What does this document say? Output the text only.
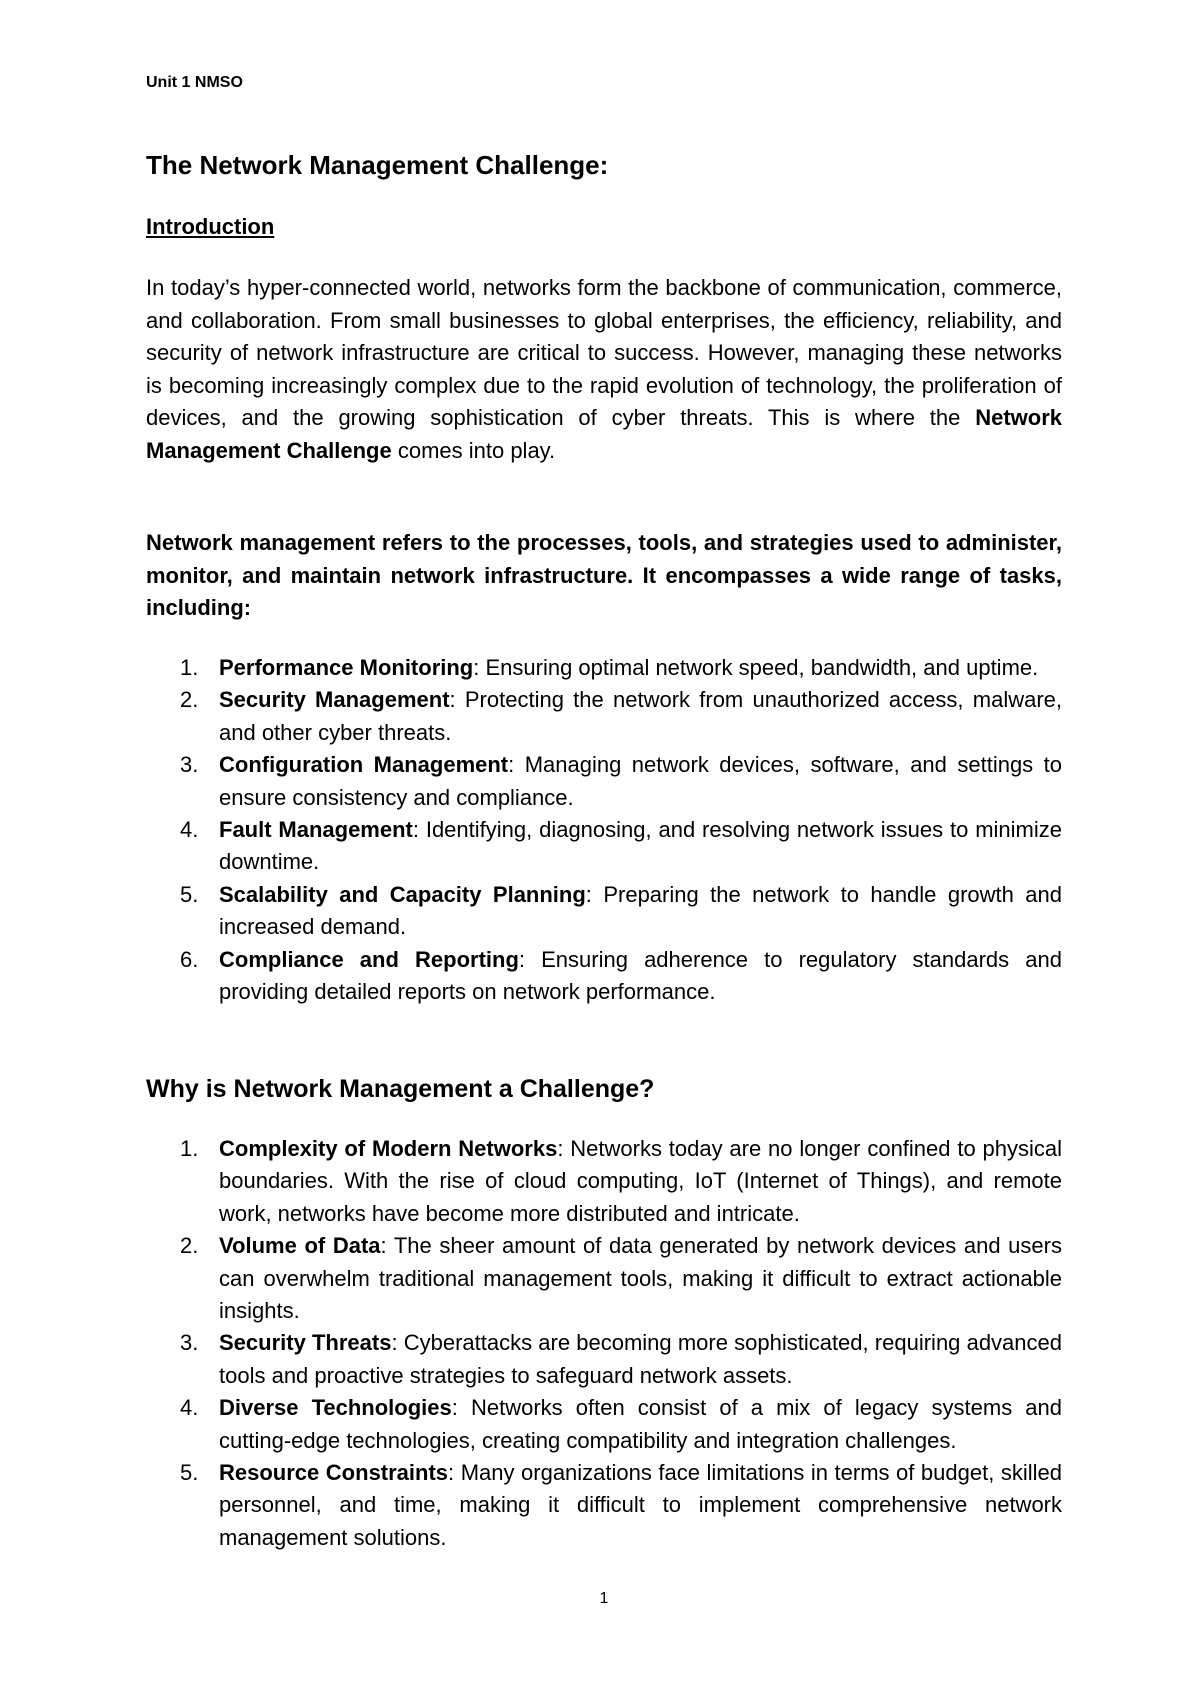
Unit 1 NMSO
The Network Management Challenge:
Introduction

In today’s hyper-connected world, networks form the backbone of communication, commerce, and collaboration. From small businesses to global enterprises, the efficiency, reliability, and security of network infrastructure are critical to success. However, managing these networks is becoming increasingly complex due to the rapid evolution of technology, the proliferation of devices, and the growing sophistication of cyber threats. This is where the Network Management Challenge comes into play.

Network management refers to the processes, tools, and strategies used to administer, monitor, and maintain network infrastructure. It encompasses a wide range of tasks, including:

1. Performance Monitoring: Ensuring optimal network speed, bandwidth, and uptime.
2. Security Management: Protecting the network from unauthorized access, malware, and other cyber threats.
3. Configuration Management: Managing network devices, software, and settings to ensure consistency and compliance.
4. Fault Management: Identifying, diagnosing, and resolving network issues to minimize downtime.
5. Scalability and Capacity Planning: Preparing the network to handle growth and increased demand.
6. Compliance and Reporting: Ensuring adherence to regulatory standards and providing detailed reports on network performance.
Why is Network Management a Challenge?
1. Complexity of Modern Networks: Networks today are no longer confined to physical boundaries. With the rise of cloud computing, IoT (Internet of Things), and remote work, networks have become more distributed and intricate.
2. Volume of Data: The sheer amount of data generated by network devices and users can overwhelm traditional management tools, making it difficult to extract actionable insights.
3. Security Threats: Cyberattacks are becoming more sophisticated, requiring advanced tools and proactive strategies to safeguard network assets.
4. Diverse Technologies: Networks often consist of a mix of legacy systems and cutting-edge technologies, creating compatibility and integration challenges.
5. Resource Constraints: Many organizations face limitations in terms of budget, skilled personnel, and time, making it difficult to implement comprehensive network management solutions.
1
